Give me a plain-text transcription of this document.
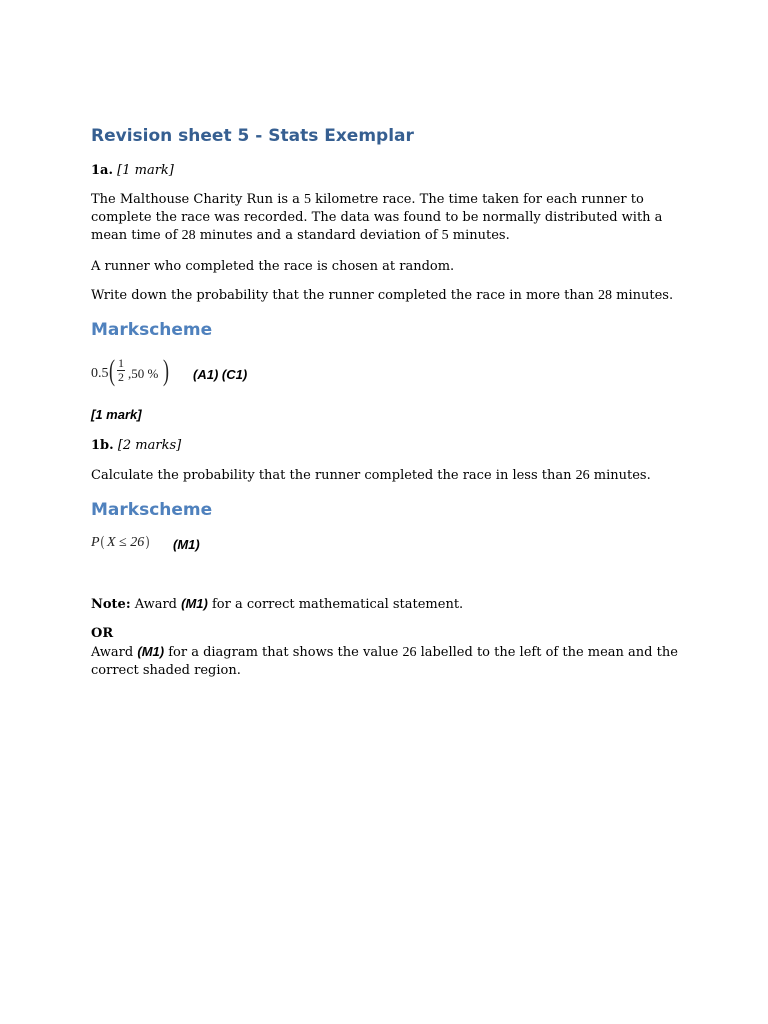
Revision sheet 5 - Stats Exemplar
1a. [1 mark]
The Malthouse Charity Run is a 5 kilometre race. The time taken for each runner to complete the race was recorded. The data was found to be normally distributed with a mean time of 28 minutes and a standard deviation of 5 minutes.
A runner who completed the race is chosen at random.
Write down the probability that the runner completed the race in more than 28 minutes.
Markscheme
0.5 ( $\frac{1}{2} ,50$ % ) (A1) (C1)
[1 mark]
1b. [2 marks]
Calculate the probability that the runner completed the race in less than 26 minutes.
Markscheme
P ( X ≤ 26 ) (M1)
Note: Award (M1) for a correct mathematical statement.
OR
Award (M1) for a diagram that shows the value 26 labelled to the left of the mean and the correct shaded region.
